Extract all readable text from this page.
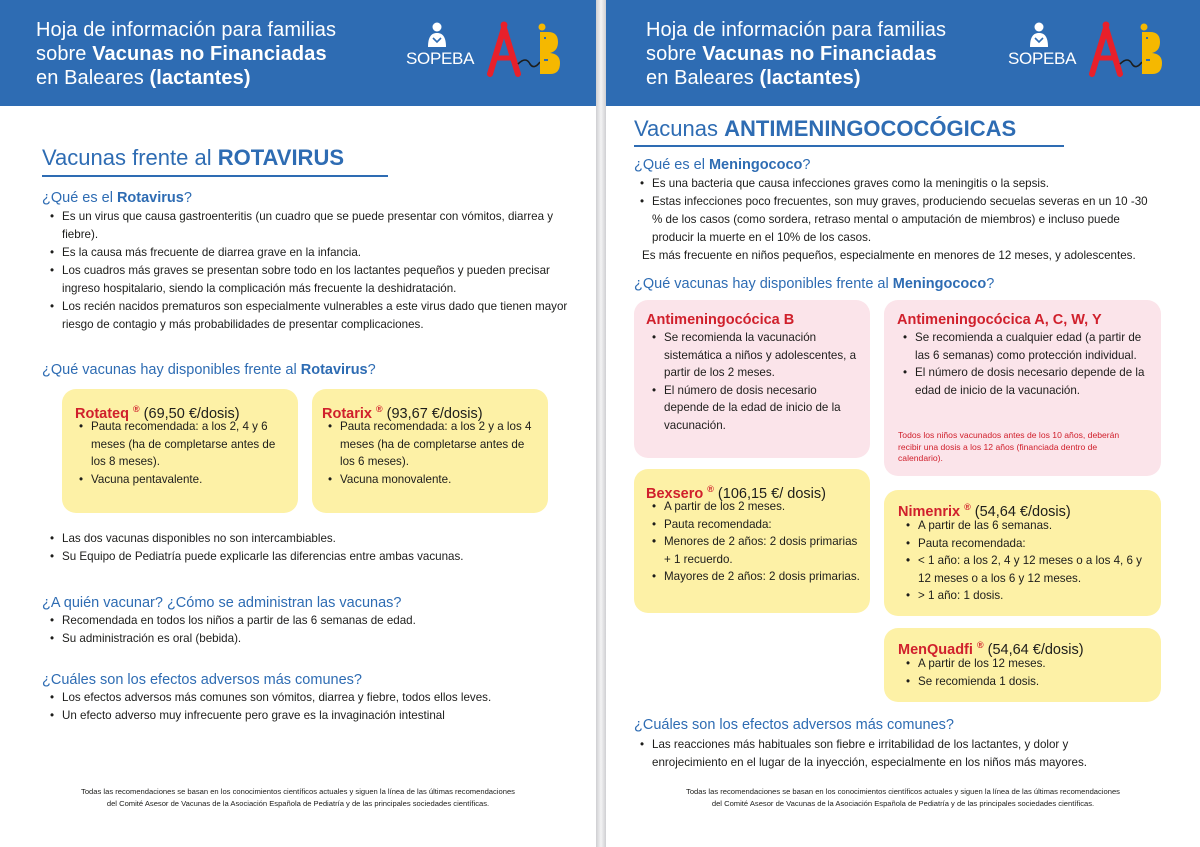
Hoja de información para familias
sobre Vacunas no Financiadas
en Baleares (lactantes)
SOPEBA
Vacunas frente al ROTAVIRUS
¿Qué es el Rotavirus?
• Es un virus que causa gastroenteritis (un cuadro que se puede presentar con vómitos, diarrea y fiebre).
• Es la causa más frecuente de diarrea grave en la infancia.
• Los cuadros más graves se presentan sobre todo en los lactantes pequeños y pueden precisar ingreso hospitalario, siendo la complicación más frecuente la deshidratación.
• Los recién nacidos prematuros son especialmente vulnerables a este virus dado que tienen mayor riesgo de contagio y más probabilidades de presentar complicaciones.
¿Qué vacunas hay disponibles frente al Rotavirus?
Rotateq ® (69,50 €/dosis)
• Pauta recomendada: a los 2, 4 y 6 meses (ha de completarse antes de los 8 meses).
• Vacuna pentavalente.
Rotarix ® (93,67 €/dosis)
• Pauta recomendada: a los 2 y a los 4 meses (ha de completarse antes de los 6 meses).
• Vacuna monovalente.
• Las dos vacunas disponibles no son intercambiables.
• Su Equipo de Pediatría puede explicarle las diferencias entre ambas vacunas.
¿A quién vacunar? ¿Cómo se administran las vacunas?
• Recomendada en todos los niños a partir de las 6 semanas de edad.
• Su administración es oral (bebida).
¿Cuáles son los efectos adversos más comunes?
• Los efectos adversos más comunes son vómitos, diarrea y fiebre, todos ellos leves.
• Un efecto adverso muy infrecuente pero grave es la invaginación intestinal
Todas las recomendaciones se basan en los conocimientos científicos actuales y siguen la línea de las últimas recomendaciones
del Comité Asesor de Vacunas de la Asociación Española de Pediatría y de las principales sociedades científicas.
Hoja de información para familias
sobre Vacunas no Financiadas
en Baleares (lactantes)
SOPEBA
Vacunas ANTIMENINGOCOCÓGICAS
¿Qué es el Meningococo?
• Es una bacteria que causa infecciones graves como la meningitis o la sepsis.
• Estas infecciones poco frecuentes, son muy graves, produciendo secuelas severas en un 10 -30 % de los casos (como sordera, retraso mental o amputación de miembros) e incluso puede producir la muerte en el 10% de los casos.
Es más frecuente en niños pequeños, especialmente en menores de 12 meses, y adolescentes.
¿Qué vacunas hay disponibles frente al Meningococo?
Antimeningocócica B
• Se recomienda la vacunación sistemática a niños y adolescentes, a partir de los 2 meses.
• El número de dosis necesario depende de la edad de inicio de la vacunación.
Antimeningocócica A, C, W, Y
• Se recomienda a cualquier edad (a partir de las 6 semanas) como protección individual.
• El número de dosis necesario depende de la edad de inicio de la vacunación.
Todos los niños vacunados antes de los 10 años, deberán recibir una dosis a los 12 años (financiada dentro de calendario).
Bexsero ® (106,15 €/ dosis)
• A partir de los 2 meses.
• Pauta recomendada:
• • Menores de 2 años: 2 dosis primarias + 1 recuerdo.
• Mayores de 2 años: 2 dosis primarias.
Nimenrix ® (54,64 €/dosis)
• A partir de las 6 semanas.
• Pauta recomendada:
• • < 1 año: a los 2, 4 y 12 meses o a los 4, 6 y 12 meses o a los 6 y 12 meses.
• > 1 año: 1 dosis.
MenQuadfi ® (54,64 €/dosis)
• A partir de los 12 meses.
• Se recomienda 1 dosis.
¿Cuáles son los efectos adversos más comunes?
• Las reacciones más habituales son fiebre e irritabilidad de los lactantes, y dolor y enrojecimiento en el lugar de la inyección, especialmente en los niños más mayores.
Todas las recomendaciones se basan en los conocimientos científicos actuales y siguen la línea de las últimas recomendaciones
del Comité Asesor de Vacunas de la Asociación Española de Pediatría y de las principales sociedades científicas.
